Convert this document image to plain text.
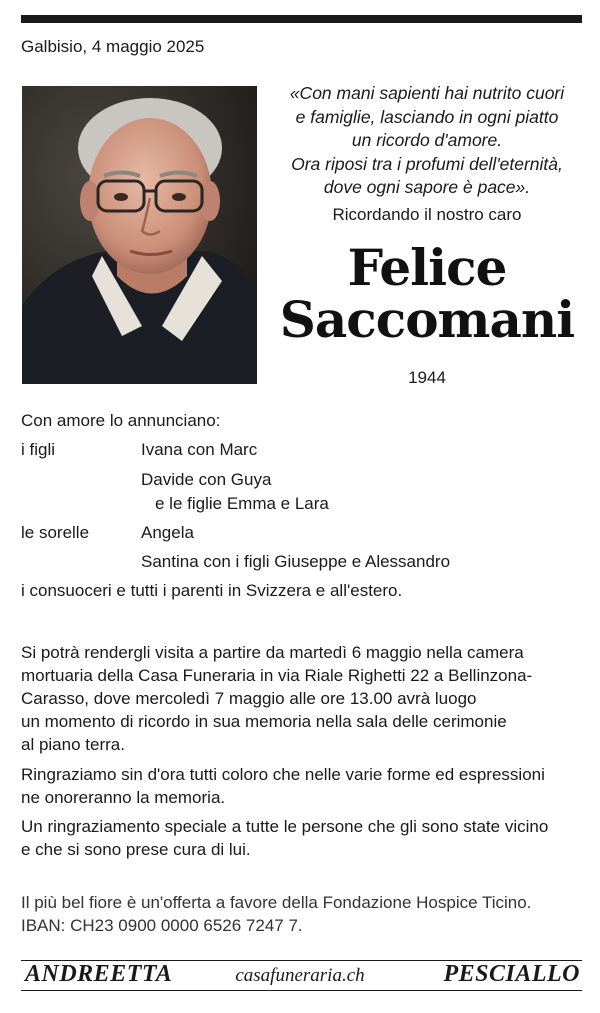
Galbisio, 4 maggio 2025
«Con mani sapienti hai nutrito cuori
e famiglie, lasciando in ogni piatto
un ricordo d'amore.
Ora riposi tra i profumi dell'eternità,
dove ogni sapore è pace».
Ricordando il nostro caro
Felice
Saccomani
1944
Con amore lo annunciano:
i figli	Ivana con Marc
Davide con Guya
e le figlie Emma e Lara
le sorelle	Angela
Santina con i figli Giuseppe e Alessandro
i consuoceri e tutti i parenti in Svizzera e all'estero.
Si potrà rendergli visita a partire da martedì 6 maggio nella camera
mortuaria della Casa Funeraria in via Riale Righetti 22 a Bellinzona-
Carasso, dove mercoledì 7 maggio alle ore 13.00 avrà luogo
un momento di ricordo in sua memoria nella sala delle cerimonie
al piano terra.
Ringraziamo sin d'ora tutti coloro che nelle varie forme ed espressioni
ne onoreranno la memoria.
Un ringraziamento speciale a tutte le persone che gli sono state vicino
e che si sono prese cura di lui.
Il più bel fiore è un'offerta a favore della Fondazione Hospice Ticino.
IBAN: CH23 0900 0000 6526 7247 7.
ANDREETTA	casafuneraria.ch	PESCIALLO
